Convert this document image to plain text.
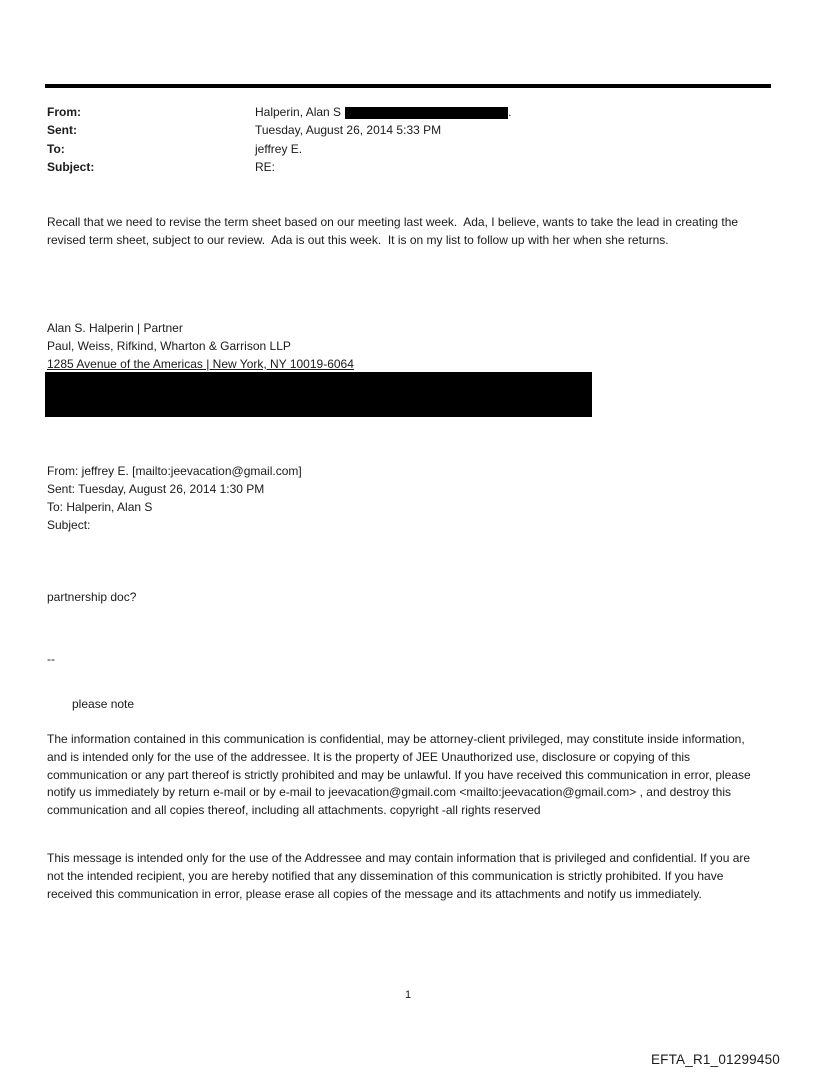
From:	Halperin, Alan S	.
Sent:	Tuesday, August 26, 2014 5:33 PM
To:	jeffrey E.
Subject:	RE:
Recall that we need to revise the term sheet based on our meeting last week.  Ada, I believe, wants to take the lead in creating the revised term sheet, subject to our review.  Ada is out this week.  It is on my list to follow up with her when she returns.
Alan S. Halperin | Partner
Paul, Weiss, Rifkind, Wharton & Garrison LLP
1285 Avenue of the Americas | New York, NY 10019-6064
From: jeffrey E. [mailto:jeevacation@gmail.com]
Sent: Tuesday, August 26, 2014 1:30 PM
To: Halperin, Alan S
Subject:
partnership doc?
--
please note
The information contained in this communication is confidential, may be attorney-client privileged, may constitute inside information, and is intended only for the use of the addressee. It is the property of JEE Unauthorized use, disclosure or copying of this communication or any part thereof is strictly prohibited and may be unlawful. If you have received this communication in error, please notify us immediately by return e-mail or by e-mail to jeevacation@gmail.com <mailto:jeevacation@gmail.com> , and destroy this communication and all copies thereof, including all attachments. copyright -all rights reserved
This message is intended only for the use of the Addressee and may contain information that is privileged and confidential. If you are not the intended recipient, you are hereby notified that any dissemination of this communication is strictly prohibited. If you have received this communication in error, please erase all copies of the message and its attachments and notify us immediately.
1
EFTA_R1_01299450
